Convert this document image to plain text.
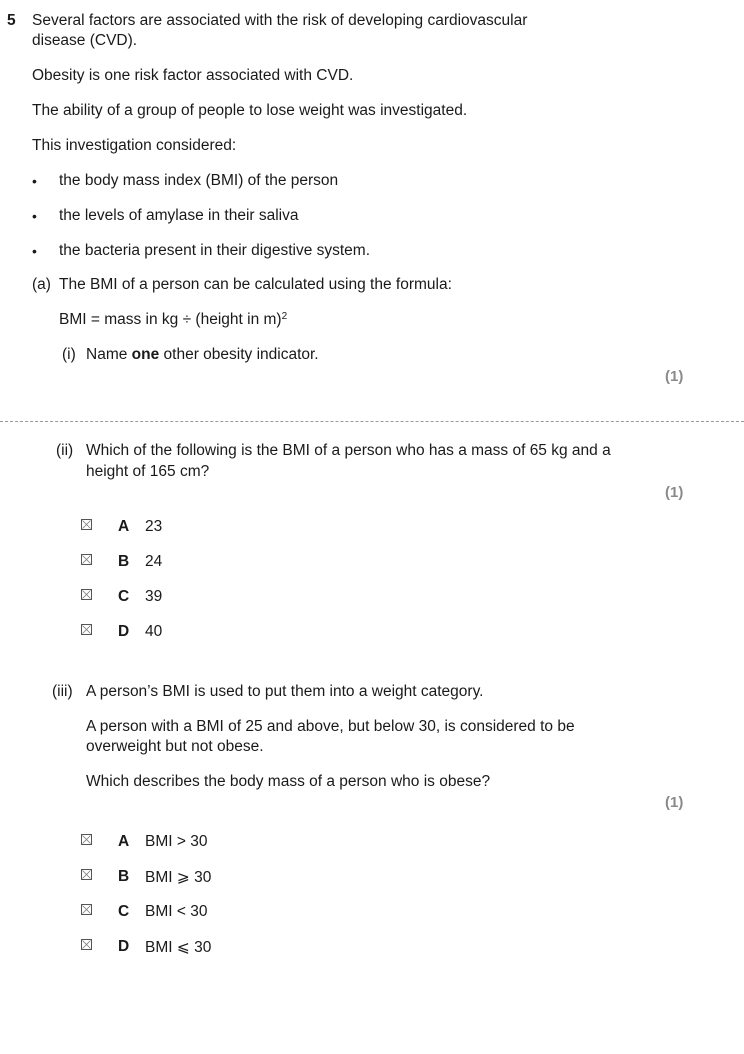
5 Several factors are associated with the risk of developing cardiovascular
disease (CVD).
Obesity is one risk factor associated with CVD.
The ability of a group of people to lose weight was investigated.
This investigation considered:
• the body mass index (BMI) of the person
• the levels of amylase in their saliva
• the bacteria present in their digestive system.
(a) The BMI of a person can be calculated using the formula:
BMI = mass in kg ÷ (height in m)$^2$
(i) Name one other obesity indicator.
(1)
(ii) Which of the following is the BMI of a person who has a mass of 65 kg and a
height of 165 cm?
(1)
A 23
B 24
C 39
D 40
(iii) A person’s BMI is used to put them into a weight category.
A person with a BMI of 25 and above, but below 30, is considered to be
overweight but not obese.
Which describes the body mass of a person who is obese?
(1)
A BMI > 30
B BMI ⩾ 30
C BMI < 30
D BMI ⩽ 30
